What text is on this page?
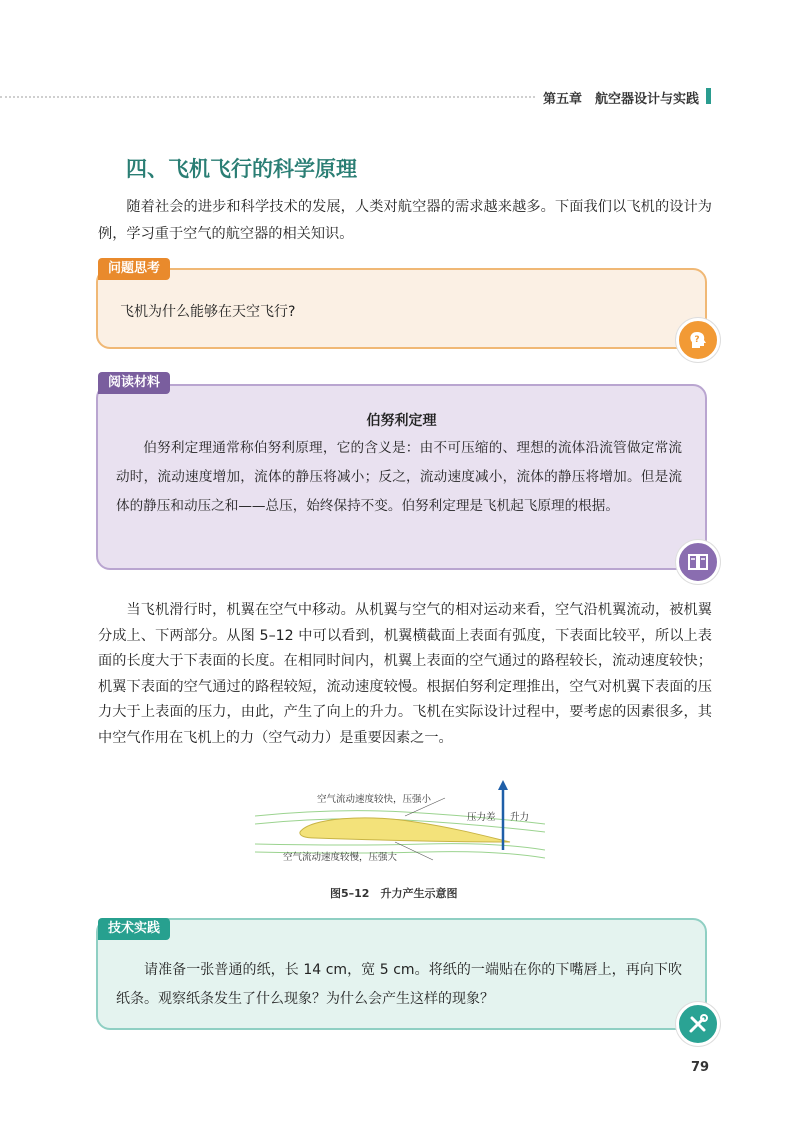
第五章　航空器设计与实践
四、飞机飞行的科学原理

随着社会的进步和科学技术的发展，人类对航空器的需求越来越多。下面我们以飞机的设计为例，学习重于空气的航空器的相关知识。

问题思考

飞机为什么能够在天空飞行?

?
阅读材料
伯努利定理

伯努利定理通常称伯努利原理，它的含义是：由不可压缩的、理想的流体沿流管做定常流动时，流动速度增加，流体的静压将减小；反之，流动速度减小，流体的静压将增加。但是流体的静压和动压之和——总压，始终保持不变。伯努利定理是飞机起飞原理的根据。

当飞机滑行时，机翼在空气中移动。从机翼与空气的相对运动来看，空气沿机翼流动，被机翼分成上、下两部分。从图 5–12 中可以看到，机翼横截面上表面有弧度，下表面比较平，所以上表面的长度大于下表面的长度。在相同时间内，机翼上表面的空气通过的路程较长，流动速度较快；机翼下表面的空气通过的路程较短，流动速度较慢。根据伯努利定理推出，空气对机翼下表面的压力大于上表面的压力，由此，产生了向上的升力。飞机在实际设计过程中，要考虑的因素很多，其中空气作用在飞机上的力（空气动力）是重要因素之一。

空气流动速度较快，压强小
压力差 升力
空气流动速度较慢，压强大
图5–12　升力产生示意图
技术实践

请准备一张普通的纸，长 14 cm，宽 5 cm。将纸的一端贴在你的下嘴唇上，再向下吹纸条。观察纸条发生了什么现象？为什么会产生这样的现象？

79
